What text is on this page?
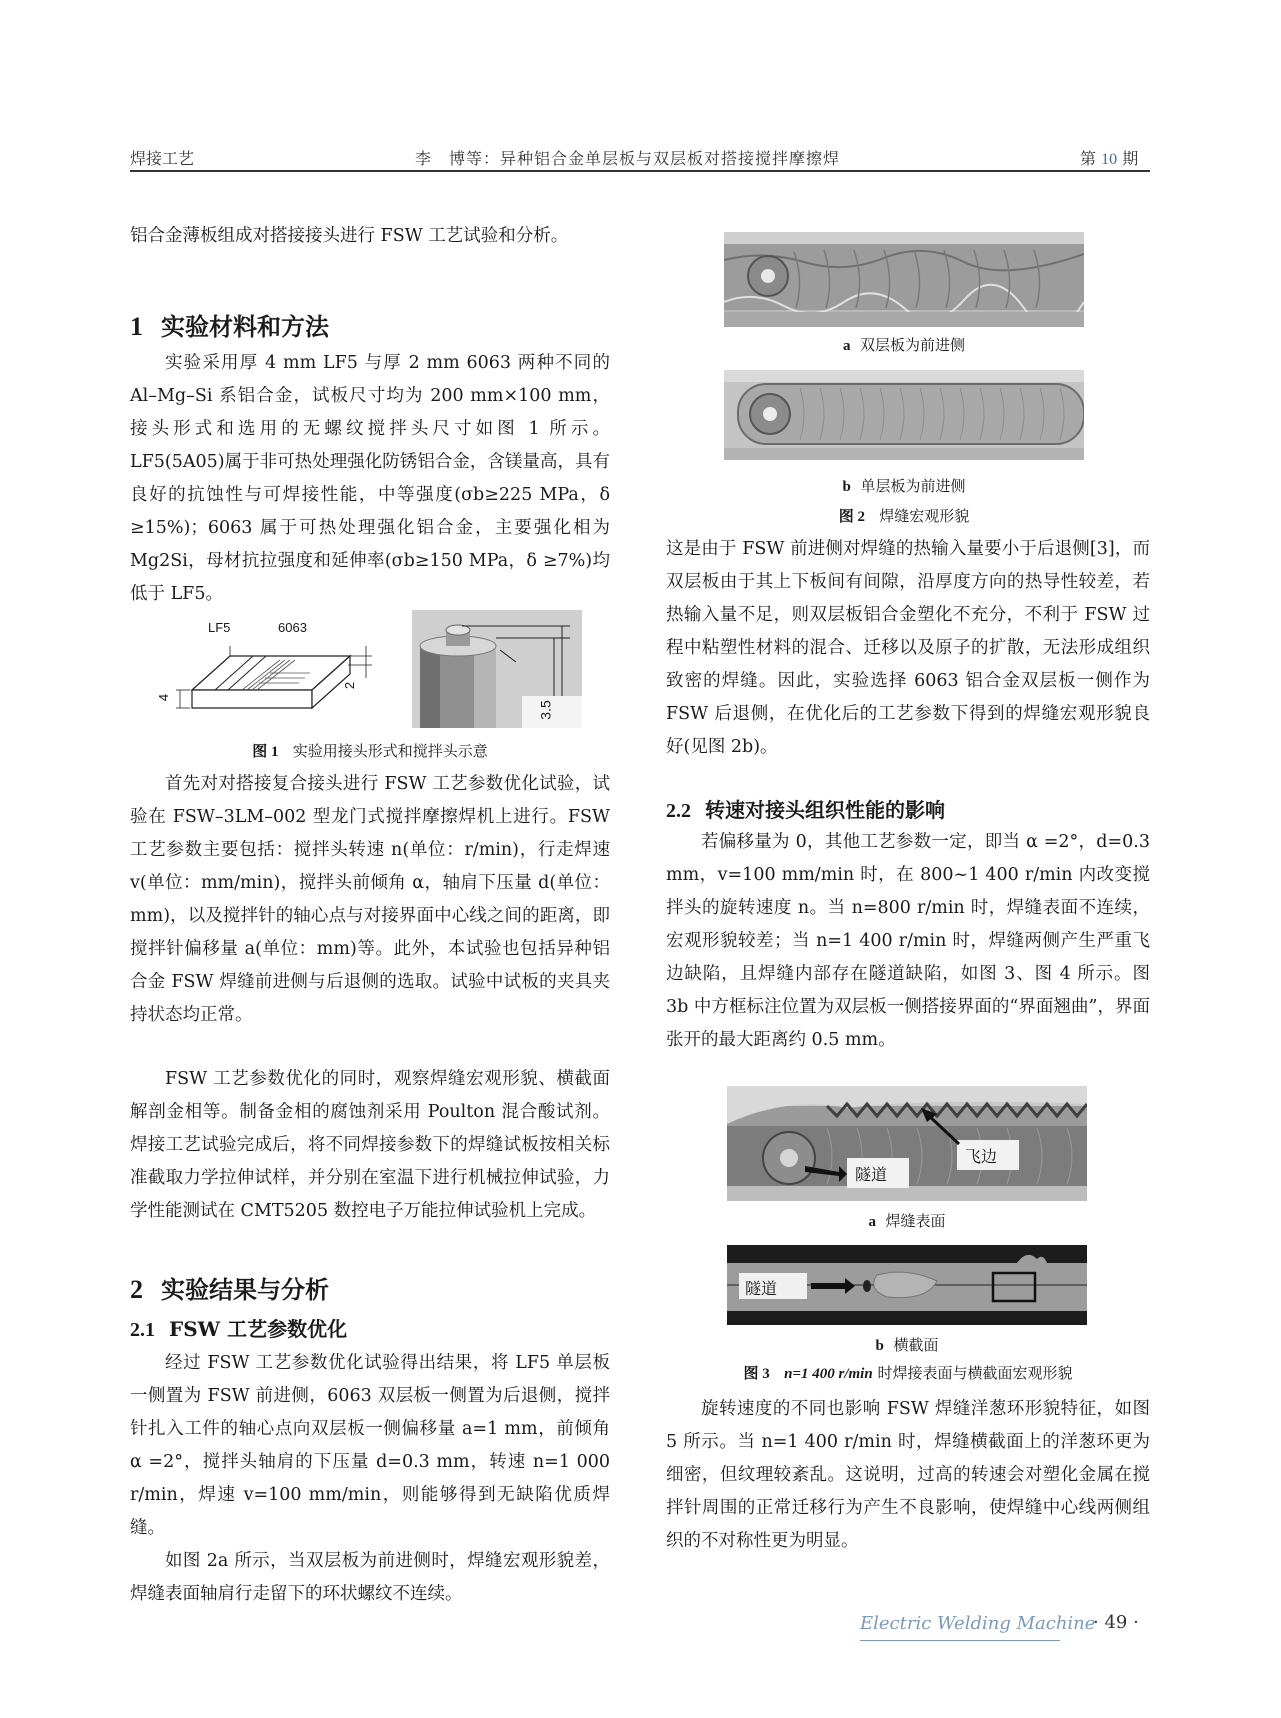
焊接工艺	李　博等：异种铝合金单层板与双层板对搭接搅拌摩擦焊	第 10 期

铝合金薄板组成对搭接接头进行 FSW 工艺试验和分析。

1 实验材料和方法

实验采用厚 4 mm LF5 与厚 2 mm 6063 两种不同的 Al–Mg–Si 系铝合金，试板尺寸均为 200 mm×100 mm，接头形式和选用的无螺纹搅拌头尺寸如图 1 所示。LF5(5A05)属于非可热处理强化防锈铝合金，含镁量高，具有良好的抗蚀性与可焊接性能，中等强度(σb≥225 MPa，δ ≥15%)；6063 属于可热处理强化铝合金，主要强化相为 Mg2Si，母材抗拉强度和延伸率(σb≥150 MPa，δ ≥7%)均低于 LF5。

LF5	6063
4
2
3.5

图 1 实验用接头形式和搅拌头示意

首先对对搭接复合接头进行 FSW 工艺参数优化试验，试验在 FSW–3LM–002 型龙门式搅拌摩擦焊机上进行。FSW 工艺参数主要包括：搅拌头转速 n(单位：r/min)，行走焊速 v(单位：mm/min)，搅拌头前倾角 α，轴肩下压量 d(单位：mm)，以及搅拌针的轴心点与对接界面中心线之间的距离，即搅拌针偏移量 a(单位：mm)等。此外，本试验也包括异种铝合金 FSW 焊缝前进侧与后退侧的选取。试验中试板的夹具夹持状态均正常。

FSW 工艺参数优化的同时，观察焊缝宏观形貌、横截面解剖金相等。制备金相的腐蚀剂采用 Poulton 混合酸试剂。焊接工艺试验完成后，将不同焊接参数下的焊缝试板按相关标准截取力学拉伸试样，并分别在室温下进行机械拉伸试验，力学性能测试在 CMT5205 数控电子万能拉伸试验机上完成。

2 实验结果与分析
2.1 FSW 工艺参数优化

经过 FSW 工艺参数优化试验得出结果，将 LF5 单层板一侧置为 FSW 前进侧，6063 双层板一侧置为后退侧，搅拌针扎入工件的轴心点向双层板一侧偏移量 a=1 mm，前倾角 α =2°，搅拌头轴肩的下压量 d=0.3 mm，转速 n=1 000 r/min，焊速 v=100 mm/min，则能够得到无缺陷优质焊缝。

如图 2a 所示，当双层板为前进侧时，焊缝宏观形貌差，焊缝表面轴肩行走留下的环状螺纹不连续。

a 双层板为前进侧

b 单层板为前进侧

图 2 焊缝宏观形貌

这是由于 FSW 前进侧对焊缝的热输入量要小于后退侧[3]，而双层板由于其上下板间有间隙，沿厚度方向的热导性较差，若热输入量不足，则双层板铝合金塑化不充分，不利于 FSW 过程中粘塑性材料的混合、迁移以及原子的扩散，无法形成组织致密的焊缝。因此，实验选择 6063 铝合金双层板一侧作为 FSW 后退侧，在优化后的工艺参数下得到的焊缝宏观形貌良好(见图 2b)。

2.2 转速对接头组织性能的影响

若偏移量为 0，其他工艺参数一定，即当 α =2°，d=0.3 mm，v=100 mm/min 时，在 800~1 400 r/min 内改变搅拌头的旋转速度 n。当 n=800 r/min 时，焊缝表面不连续，宏观形貌较差；当 n=1 400 r/min 时，焊缝两侧产生严重飞边缺陷，且焊缝内部存在隧道缺陷，如图 3、图 4 所示。图 3b 中方框标注位置为双层板一侧搭接界面的“界面翘曲”，界面张开的最大距离约 0.5 mm。

飞边
隧道

a 焊缝表面

隧道

b 横截面

图 3 n=1 400 r/min 时焊接表面与横截面宏观形貌

旋转速度的不同也影响 FSW 焊缝洋葱环形貌特征，如图 5 所示。当 n=1 400 r/min 时，焊缝横截面上的洋葱环更为细密，但纹理较紊乱。这说明，过高的转速会对塑化金属在搅拌针周围的正常迁移行为产生不良影响，使焊缝中心线两侧组织的不对称性更为明显。

Electric Welding Machine
· 49 ·
